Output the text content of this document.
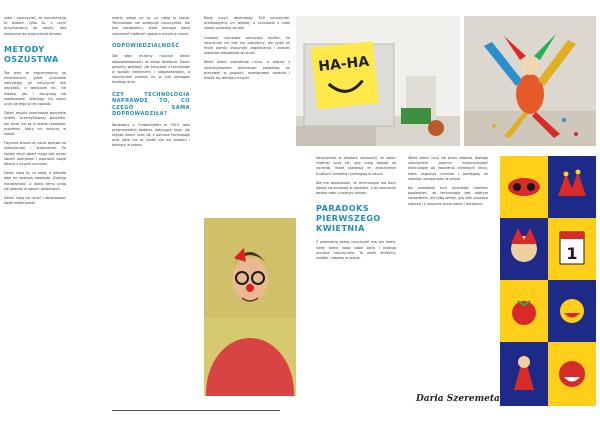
niów i nauczycieli, że koncentracja to bzdura, tylko to, z czym przychodzimy do szkoły, jest konieczne do zrozumienia tematu.

METODY OSZUSTWA

Tak więc te eksperymenty ze smartfonami, gdzie uczniowie odkrywają, że nauczyciel wie wszystko, a właściwie nic, nie wiedzą, jak, i zaczynają się zastanawiać, dlaczego ich dzieci uczą się tego w ten sposób.

Dzieci zwykle przechodzą wszystkie ścieżki, przemyślawszy wszystko, ale teraz nie są w stanie rozwiązać problemu, który ich dotyczy w szkole.

Fizyczna strona tej nauki wpływa na kreatywność i wyobraźnię. Po każdej lekcji dzieci mogą dać wyraz swoim pomysłom i poprawić swoje relacje z innymi uczniami.

Dzieci lubią to, co robią, a metoda daje im większą swobodę. Zyskują niezależność, a dzięki temu czują się pewniej w swoich działaniach.

Dzieci lubią się uczyć i obserwować świat wokół siebie.

więcej uwagi na to, co robią w klasie. Technologia nie zastępuje nauczyciela, ale jest narzędziem, które pomaga lepiej zrozumieć materiał i wspiera ucznia w nauce.

ODPOWIEDZIALNOŚĆ

Tak więc musimy nauczyć dzieci odpowiedzialności za swoje działania. Dzieci powinny wiedzieć, jak korzystać z technologii w sposób bezpieczny i odpowiedzialny, a nauczyciele powinni im w tym pomagać każdego dnia.

CZY TECHNOLOGIA NAPRAWDĘ TO, CO CZEGO SAMA DOPROWADZIŁA?

Naukowcy z Uniwersytetu w 2015 roku przeprowadzili badania dotyczące tego, jak szybko dzieci uczą się z pomocą technologii oraz jakie ma to skutki dla ich rozwoju i edukacji w szkole.

Będę uczyć, obserwując 300 nauczycieli, przekazujemy im wiedzę, a uczniowie z całej szkoły przestają się bać.

Czasami uczniowie zaczynają myśleć, że nauczyciel nie jest mu potrzebny, ale tylko on może pomóc zrozumieć zagadnienia i znaleźć właściwe odpowiedzi w nauce.

Wiele dzieci potrzebuje ruchu, a zajęcia z wykorzystaniem technologii pozwalają im pracować w grupach, rozwiązywać zadania i dzielić się wiedzą z innymi.

HA-HA

Nauczyciele w szkołach zauważyli, że dzieci chętniej uczą się, gdy mają dostęp do narzędzi, które ułatwiają im zrozumienie trudnych tematów i pomagają w nauce.

Nie ma wątpliwości, że technologia ma duży wpływ na edukację w szkołach, a jej znaczenie będzie rosło z każdym rokiem.

PARADOKS PIERWSZEGO KWIETNIA

Z pewnością każdy nauczyciel zna ten dzień, kiedy dzieci robią sobie żarty i próbują oszukać nauczyciela. To dzień śmiechu, radości i zabawy w szkole.

Wiele dzieci uczy się przez zabawę, dlatego nauczyciele powinni wykorzystywać technologię do tworzenia ciekawych lekcji, które angażują uczniów i pomagają im rozwijać umiejętności w szkole.

Na podstawie tych wniosków możemy powiedzieć, że technologia jest dobrym narzędziem, ale tylko wtedy, gdy jest używana mądrze i z umiarem przez dzieci i dorosłych.

Daria Szeremeta
1
